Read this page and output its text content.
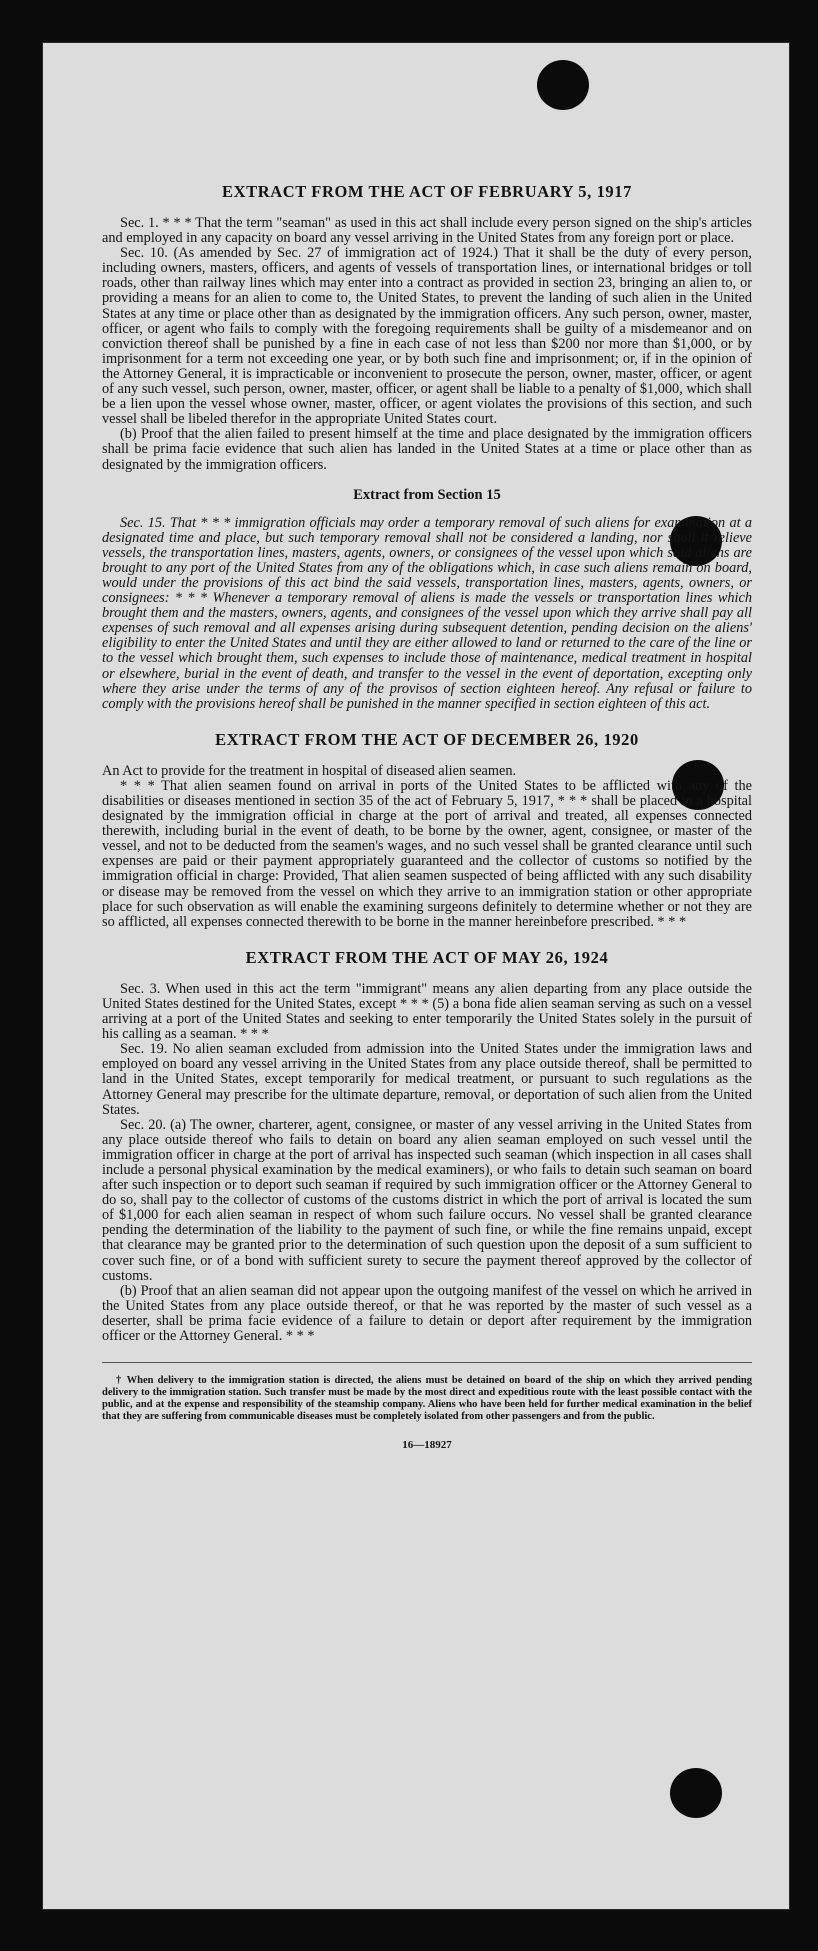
EXTRACT FROM THE ACT OF FEBRUARY 5, 1917

Sec. 1. * * * That the term "seaman" as used in this act shall include every person signed on the ship's articles and employed in any capacity on board any vessel arriving in the United States from any foreign port or place.

Sec. 10. (As amended by Sec. 27 of immigration act of 1924.) That it shall be the duty of every person, including owners, masters, officers, and agents of vessels of transportation lines, or international bridges or toll roads, other than railway lines which may enter into a contract as provided in section 23, bringing an alien to, or providing a means for an alien to come to, the United States, to prevent the landing of such alien in the United States at any time or place other than as designated by the immigration officers. Any such person, owner, master, officer, or agent who fails to comply with the foregoing requirements shall be guilty of a misdemeanor and on conviction thereof shall be punished by a fine in each case of not less than $200 nor more than $1,000, or by imprisonment for a term not exceeding one year, or by both such fine and imprisonment; or, if in the opinion of the Attorney General, it is impracticable or inconvenient to prosecute the person, owner, master, officer, or agent of any such vessel, such person, owner, master, officer, or agent shall be liable to a penalty of $1,000, which shall be a lien upon the vessel whose owner, master, officer, or agent violates the provisions of this section, and such vessel shall be libeled therefor in the appropriate United States court.

(b) Proof that the alien failed to present himself at the time and place designated by the immigration officers shall be prima facie evidence that such alien has landed in the United States at a time or place other than as designated by the immigration officers.

Extract from Section 15

Sec. 15. That * * * immigration officials may order a temporary removal of such aliens for examination at a designated time and place, but such temporary removal shall not be considered a landing, nor shall it relieve vessels, the transportation lines, masters, agents, owners, or consignees of the vessel upon which said aliens are brought to any port of the United States from any of the obligations which, in case such aliens remain on board, would under the provisions of this act bind the said vessels, transportation lines, masters, agents, owners, or consignees: * * * Whenever a temporary removal of aliens is made the vessels or transportation lines which brought them and the masters, owners, agents, and consignees of the vessel upon which they arrive shall pay all expenses of such removal and all expenses arising during subsequent detention, pending decision on the aliens' eligibility to enter the United States and until they are either allowed to land or returned to the care of the line or to the vessel which brought them, such expenses to include those of maintenance, medical treatment in hospital or elsewhere, burial in the event of death, and transfer to the vessel in the event of deportation, excepting only where they arise under the terms of any of the provisos of section eighteen hereof. Any refusal or failure to comply with the provisions hereof shall be punished in the manner specified in section eighteen of this act.

EXTRACT FROM THE ACT OF DECEMBER 26, 1920

An Act to provide for the treatment in hospital of diseased alien seamen.

* * * That alien seamen found on arrival in ports of the United States to be afflicted with any of the disabilities or diseases mentioned in section 35 of the act of February 5, 1917, * * * shall be placed in a hospital designated by the immigration official in charge at the port of arrival and treated, all expenses connected therewith, including burial in the event of death, to be borne by the owner, agent, consignee, or master of the vessel, and not to be deducted from the seamen's wages, and no such vessel shall be granted clearance until such expenses are paid or their payment appropriately guaranteed and the collector of customs so notified by the immigration official in charge: Provided, That alien seamen suspected of being afflicted with any such disability or disease may be removed from the vessel on which they arrive to an immigration station or other appropriate place for such observation as will enable the examining surgeons definitely to determine whether or not they are so afflicted, all expenses connected therewith to be borne in the manner hereinbefore prescribed. * * *

EXTRACT FROM THE ACT OF MAY 26, 1924

Sec. 3. When used in this act the term "immigrant" means any alien departing from any place outside the United States destined for the United States, except * * * (5) a bona fide alien seaman serving as such on a vessel arriving at a port of the United States and seeking to enter temporarily the United States solely in the pursuit of his calling as a seaman. * * *

Sec. 19. No alien seaman excluded from admission into the United States under the immigration laws and employed on board any vessel arriving in the United States from any place outside thereof, shall be permitted to land in the United States, except temporarily for medical treatment, or pursuant to such regulations as the Attorney General may prescribe for the ultimate departure, removal, or deportation of such alien from the United States.

Sec. 20. (a) The owner, charterer, agent, consignee, or master of any vessel arriving in the United States from any place outside thereof who fails to detain on board any alien seaman employed on such vessel until the immigration officer in charge at the port of arrival has inspected such seaman (which inspection in all cases shall include a personal physical examination by the medical examiners), or who fails to detain such seaman on board after such inspection or to deport such seaman if required by such immigration officer or the Attorney General to do so, shall pay to the collector of customs of the customs district in which the port of arrival is located the sum of $1,000 for each alien seaman in respect of whom such failure occurs. No vessel shall be granted clearance pending the determination of the liability to the payment of such fine, or while the fine remains unpaid, except that clearance may be granted prior to the determination of such question upon the deposit of a sum sufficient to cover such fine, or of a bond with sufficient surety to secure the payment thereof approved by the collector of customs.

(b) Proof that an alien seaman did not appear upon the outgoing manifest of the vessel on which he arrived in the United States from any place outside thereof, or that he was reported by the master of such vessel as a deserter, shall be prima facie evidence of a failure to detain or deport after requirement by the immigration officer or the Attorney General. * * *

† When delivery to the immigration station is directed, the aliens must be detained on board of the ship on which they arrived pending delivery to the immigration station. Such transfer must be made by the most direct and expeditious route with the least possible contact with the public, and at the expense and responsibility of the steamship company. Aliens who have been held for further medical examination in the belief that they are suffering from communicable diseases must be completely isolated from other passengers and from the public.

16—18927
